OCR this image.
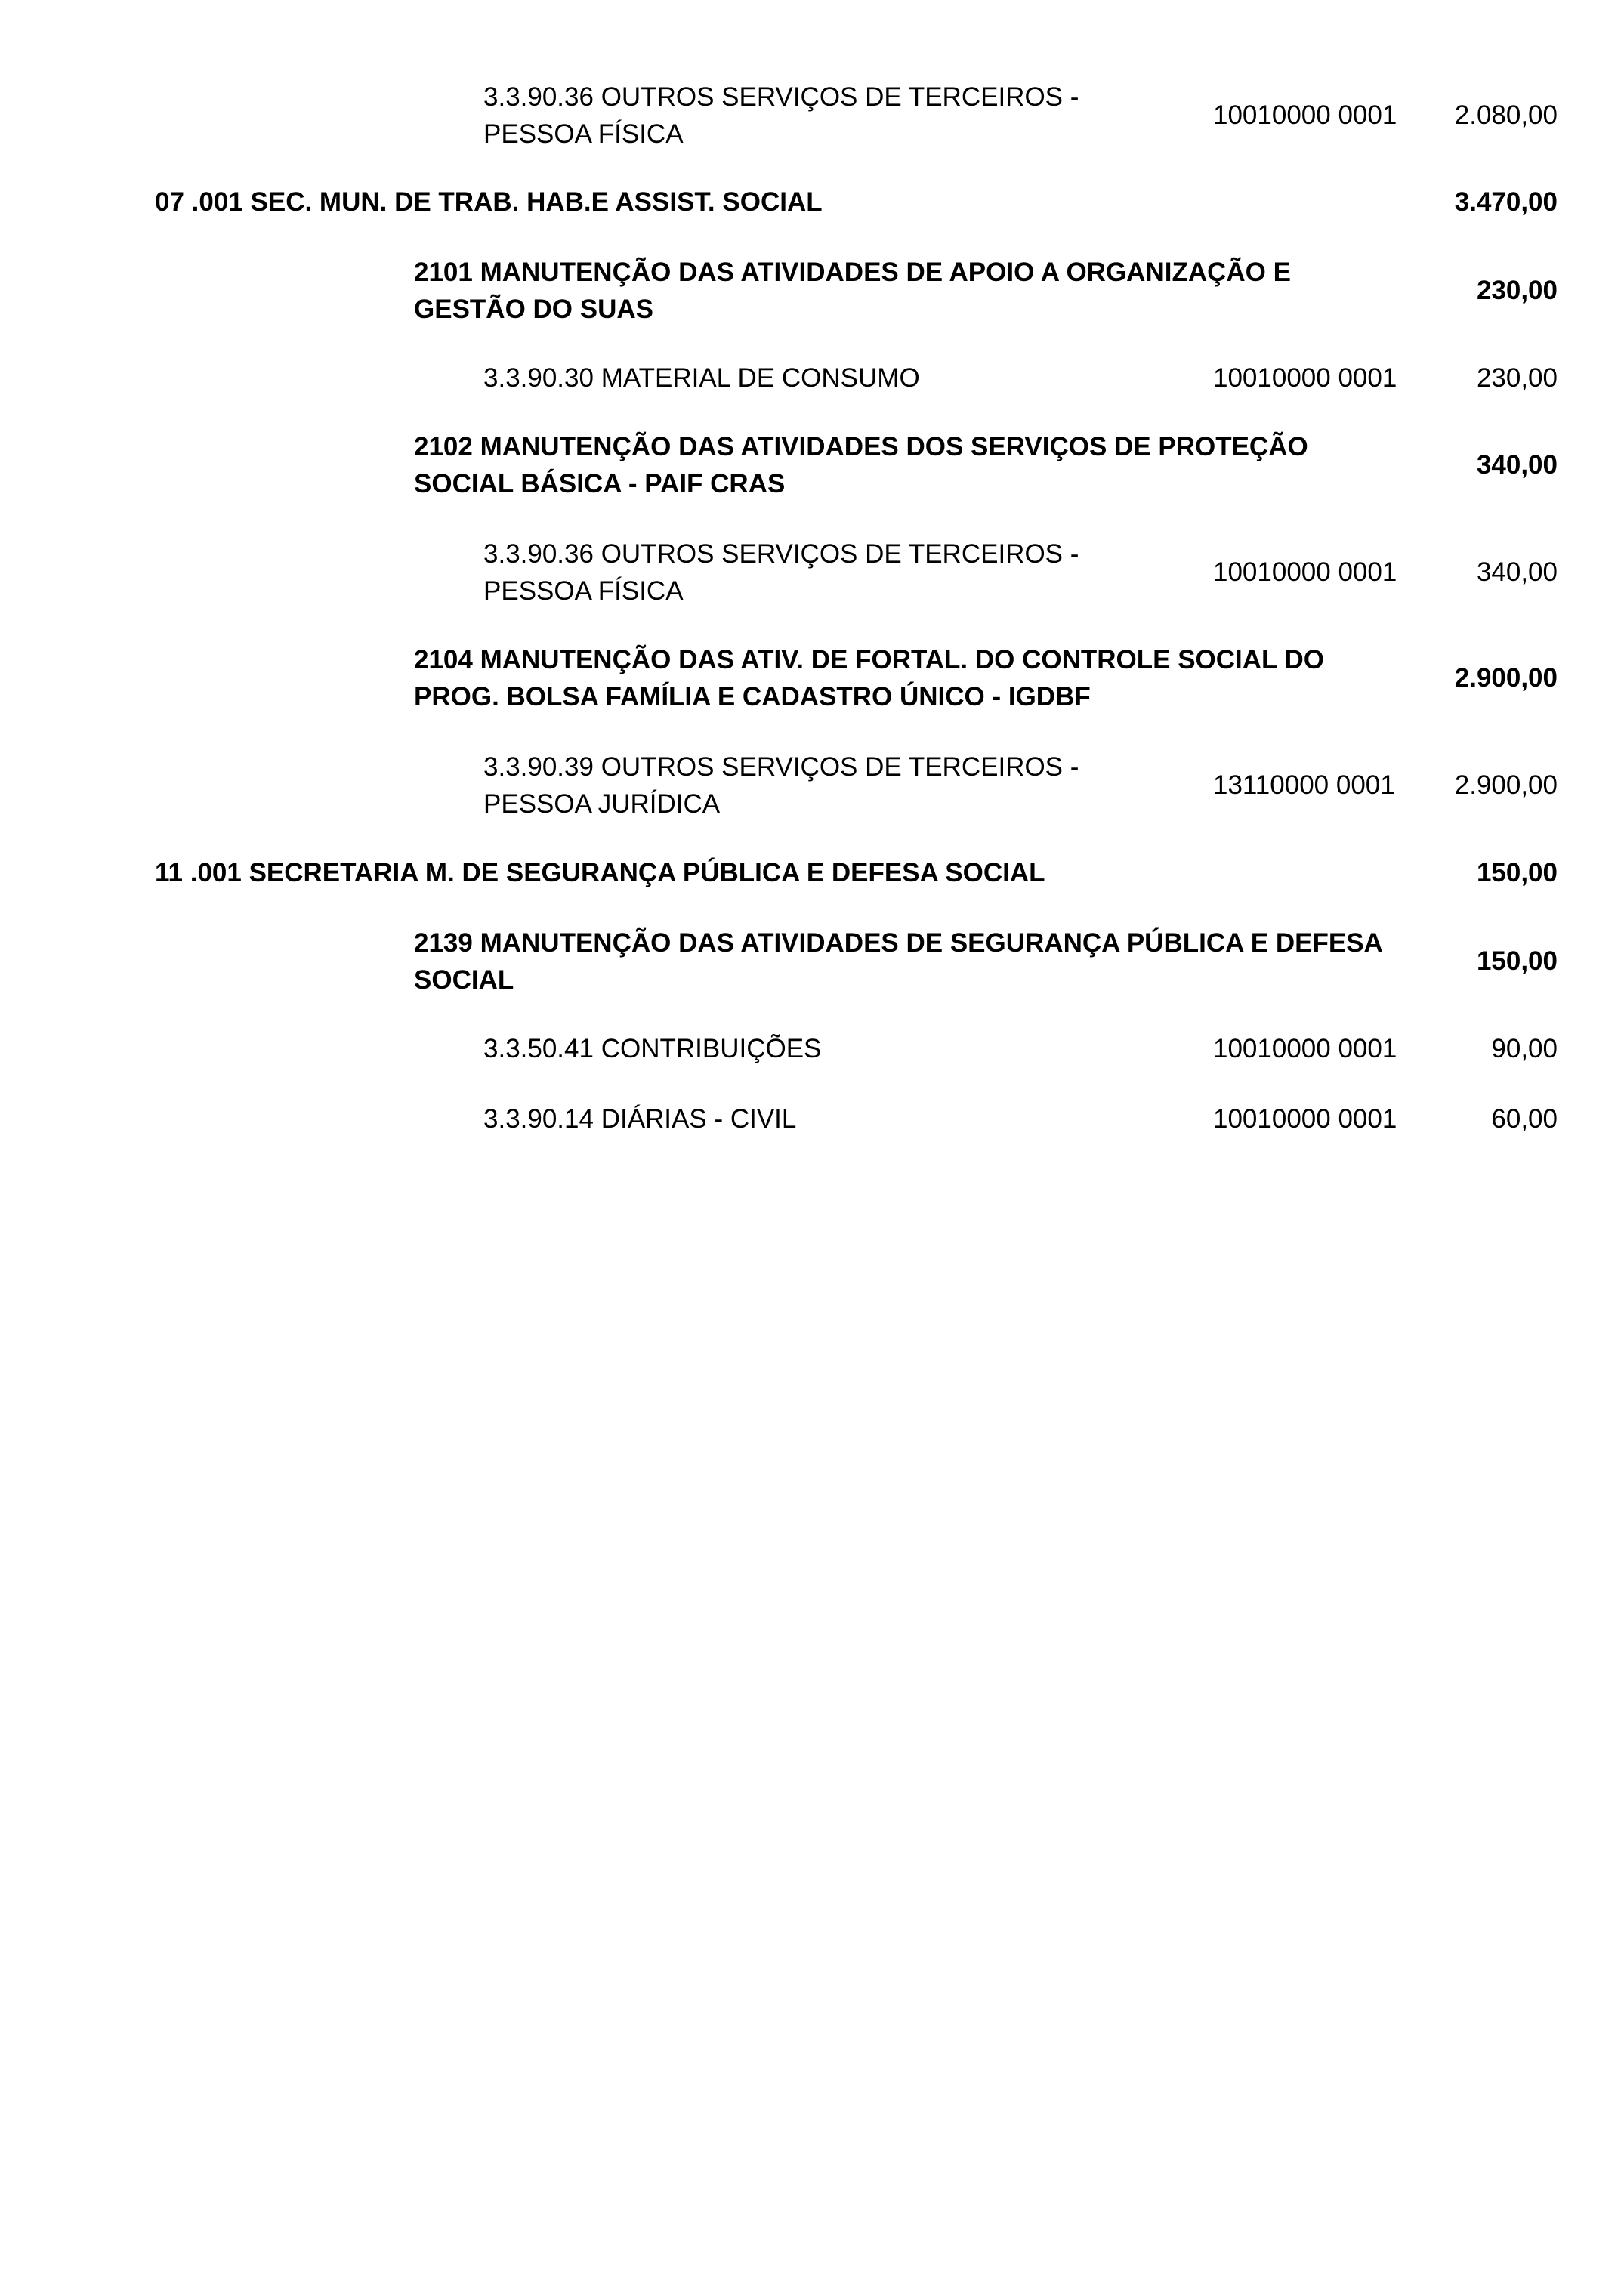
3.3.90.36 OUTROS SERVIÇOS DE TERCEIROS -
PESSOA FÍSICA
10010000 0001	2.080,00
07 .001 SEC. MUN. DE TRAB. HAB.E ASSIST. SOCIAL	3.470,00
2101 MANUTENÇÃO DAS ATIVIDADES DE APOIO A ORGANIZAÇÃO E
GESTÃO DO SUAS
230,00
3.3.90.30 MATERIAL DE CONSUMO	10010000 0001	230,00
2102 MANUTENÇÃO DAS ATIVIDADES DOS SERVIÇOS DE PROTEÇÃO
SOCIAL BÁSICA - PAIF CRAS
340,00
3.3.90.36 OUTROS SERVIÇOS DE TERCEIROS -
PESSOA FÍSICA
10010000 0001	340,00
2104 MANUTENÇÃO DAS ATIV. DE FORTAL. DO CONTROLE SOCIAL DO
PROG. BOLSA FAMÍLIA E CADASTRO ÚNICO - IGDBF
2.900,00
3.3.90.39 OUTROS SERVIÇOS DE TERCEIROS -
PESSOA JURÍDICA
13110000 0001	2.900,00
11 .001 SECRETARIA M. DE SEGURANÇA PÚBLICA E DEFESA SOCIAL	150,00
2139 MANUTENÇÃO DAS ATIVIDADES DE SEGURANÇA PÚBLICA E DEFESA
SOCIAL
150,00
3.3.50.41 CONTRIBUIÇÕES	10010000 0001	90,00
3.3.90.14 DIÁRIAS - CIVIL	10010000 0001	60,00
